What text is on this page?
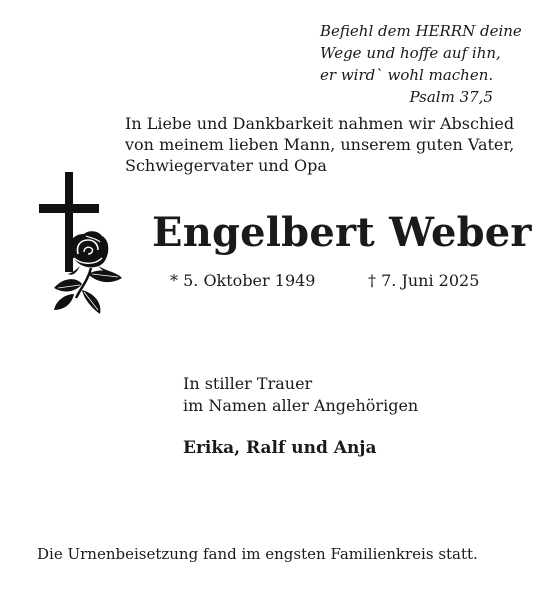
Befiehl dem HERRN deine
Wege und hoffe auf ihn,
er wird` wohl machen.
Psalm 37,5
In Liebe und Dankbarkeit nahmen wir Abschied
von meinem lieben Mann, unserem guten Vater,
Schwiegervater und Opa
Engelbert Weber
* 5. Oktober 1949	† 7. Juni 2025
In stiller Trauer
im Namen aller Angehörigen
Erika, Ralf und Anja
Die Urnenbeisetzung fand im engsten Familienkreis statt.
